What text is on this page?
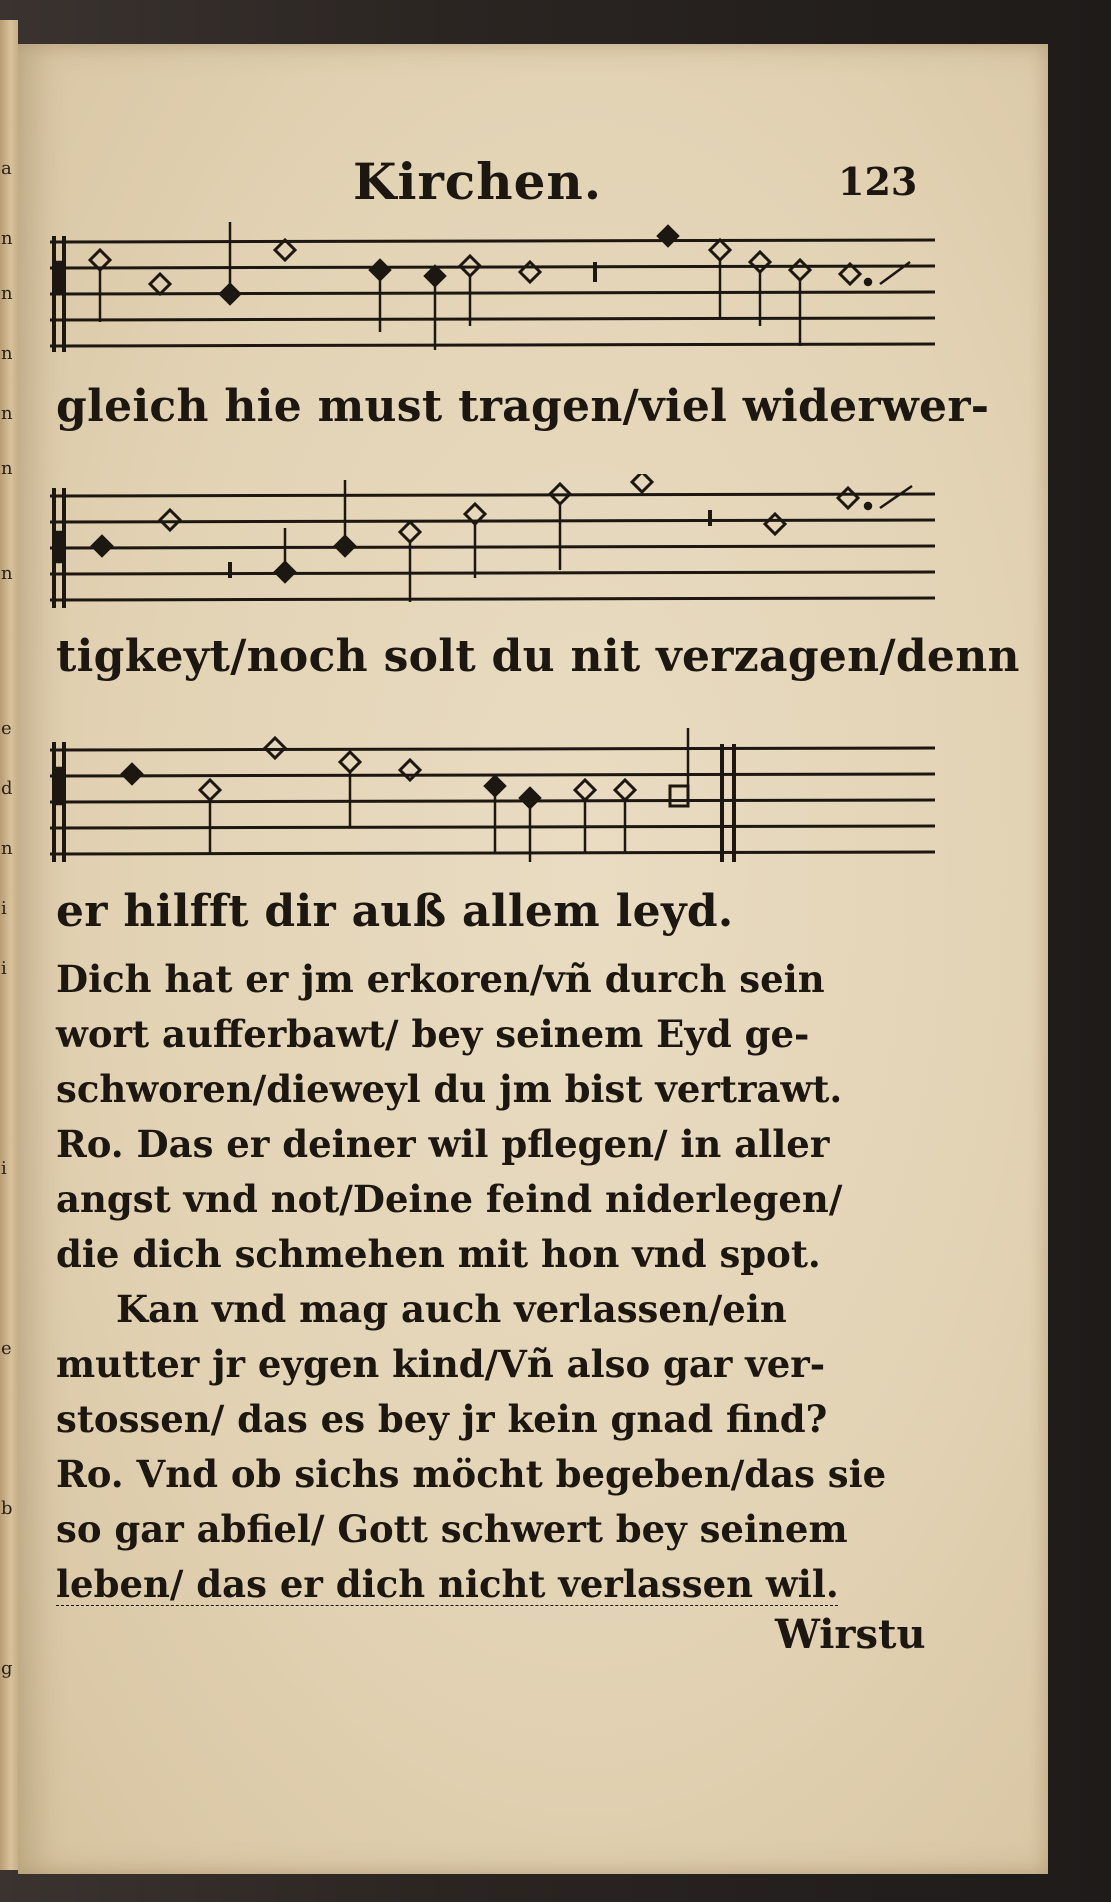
a
n
n
n
n
n
n
e
d
n
i
i
i
e
b
g
Kirchen.	123
gleich hie must tragen/viel widerwer-
tigkeyt/noch solt du nit verzagen/denn
er hilfft dir auß allem leyd.
Dich hat er jm erkoren/vñ durch sein
wort aufferbawt/ bey seinem Eyd ge-
schworen/dieweyl du jm bist vertrawt.
Ro. Das er deiner wil pflegen/ in aller
angst vnd not/Deine feind niderlegen/
die dich schmehen mit hon vnd spot.
Kan vnd mag auch verlassen/ein
mutter jr eygen kind/Vñ also gar ver-
stossen/ das es bey jr kein gnad find?
Ro. Vnd ob sichs möcht begeben/das sie
so gar abfiel/ Gott schwert bey seinem
leben/ das er dich nicht verlassen wil.
Wirstu
